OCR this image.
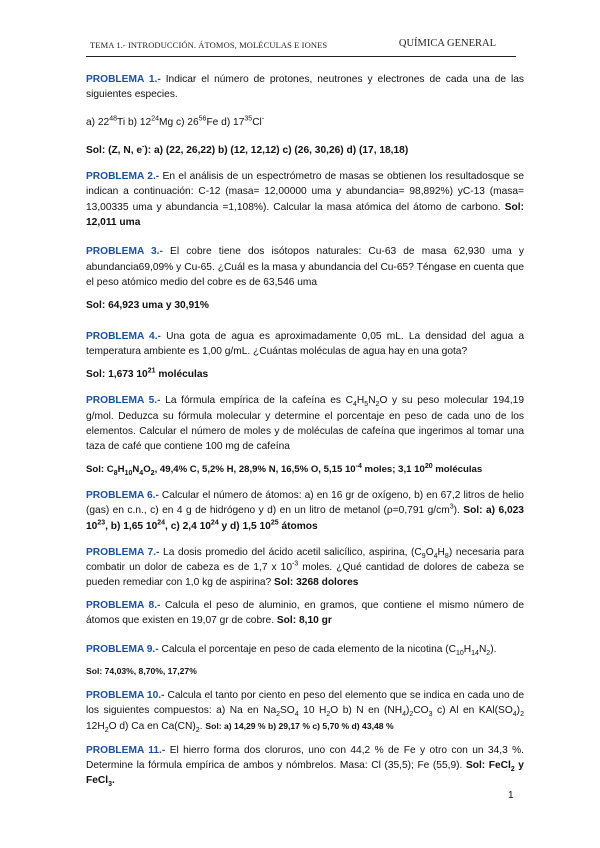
TEMA 1.- INTRODUCCIÓN. ÁTOMOS, MOLÉCULAS E IONES	QUÍMICA GENERAL

PROBLEMA 1.- Indicar el número de protones, neutrones y electrones de cada una de las siguientes especies.

a) $22^{48}Ti$ b) $12^{24}Mg$ c) $26^{56}Fe$ d) $17^{35}Cl^-$

Sol: (Z, N, e-): a) (22, 26,22) b) (12, 12,12) c) (26, 30,26) d) (17, 18,18)

PROBLEMA 2.- En el análisis de un espectrómetro de masas se obtienen los resultadosque se indican a continuación: C-12 (masa= 12,00000 uma y abundancia= 98,892%) yC-13 (masa= 13,00335 uma y abundancia =1,108%). Calcular la masa atómica del átomo de carbono. Sol: 12,011 uma

PROBLEMA 3.- El cobre tiene dos isótopos naturales: Cu-63 de masa 62,930 uma y abundancia69,09% y Cu-65. ¿Cuál es la masa y abundancia del Cu-65? Téngase en cuenta que el peso atómico medio del cobre es de 63,546 uma

Sol: 64,923 uma y 30,91%

PROBLEMA 4.- Una gota de agua es aproximadamente 0,05 mL. La densidad del agua a temperatura ambiente es 1,00 g/mL. ¿Cuántas moléculas de agua hay en una gota?

Sol: 1,673 $10^{21}$ moléculas

PROBLEMA 5.- La fórmula empírica de la cafeína es $C_4H_5N_2O$ y su peso molecular 194,19 g/mol. Deduzca su fórmula molecular y determine el porcentaje en peso de cada uno de los elementos. Calcular el número de moles y de moléculas de cafeína que ingerimos al tomar una taza de café que contiene 100 mg de cafeína

Sol: $C_8H_{10}N_4O_2$, 49,4% C, 5,2% H, 28,9% N, 16,5% O, 5,15 $10^{-4}$ moles; 3,1 $10^{20}$ moléculas

PROBLEMA 6.- Calcular el número de átomos: a) en 16 gr de oxígeno, b) en 67,2 litros de helio (gas) en c.n., c) en 4 g de hidrógeno y d) en un litro de metanol (ρ=0,791 $g/cm^3$). Sol: a) 6,023 $10^{23}$, b) 1,65 $10^{24}$, c) 2,4 $10^{24}$ y d) 1,5 $10^{25}$ átomos

PROBLEMA 7.- La dosis promedio del ácido acetil salicílico, aspirina, $(C_9O_4H_8)$ necesaria para combatir un dolor de cabeza es de 1,7 x $10^{-3}$ moles. ¿Qué cantidad de dolores de cabeza se pueden remediar con 1,0 kg de aspirina? Sol: 3268 dolores

PROBLEMA 8.- Calcula el peso de aluminio, en gramos, que contiene el mismo número de átomos que existen en 19,07 gr de cobre. Sol: 8,10 gr

PROBLEMA 9.- Calcula el porcentaje en peso de cada elemento de la nicotina $(C_{10}H_{14}N_2)$.

Sol: 74,03%, 8,70%, 17,27%

PROBLEMA 10.- Calcula el tanto por ciento en peso del elemento que se indica en cada uno de los siguientes compuestos: a) Na en $Na_2SO_4$ 10 $H_2O$ b) N en $(NH_4)_2CO_3$ c) Al en $KAl(SO_4)_2$ $12H_2O$ d) Ca en $Ca(CN)_2$. Sol: a) 14,29 % b) 29,17 % c) 5,70 % d) 43,48 %

PROBLEMA 11.- El hierro forma dos cloruros, uno con 44,2 % de Fe y otro con un 34,3 %. Determine la fórmula empírica de ambos y nómbrelos. Masa: Cl (35,5); Fe (55,9). Sol: FeCl$_2$ y FeCl$_3$.

1
